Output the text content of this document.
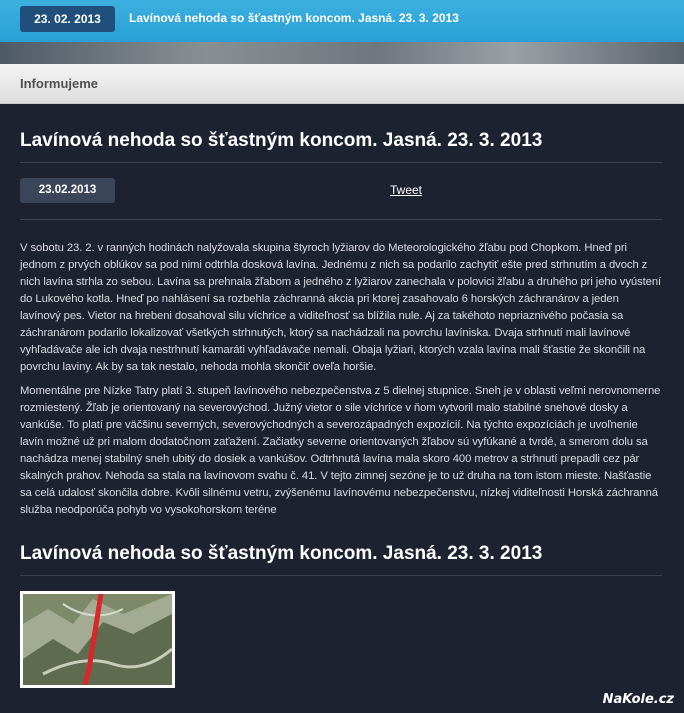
23. 02. 2013	Lavínová nehoda so šťastným koncom. Jasná. 23. 3. 2013
Informujeme
Lavínová nehoda so šťastným koncom. Jasná. 23. 3. 2013
23.02.2013	Tweet

V sobotu 23. 2. v ranných hodinách nalyžovala skupina štyroch lyžiarov do Meteorologického žľabu pod Chopkom. Hneď pri jednom z prvých oblúkov sa pod nimi odtrhla dosková lavína. Jednému z nich sa podarilo zachytiť ešte pred strhnutím a dvoch z nich lavína strhla zo sebou. Lavína sa prehnala žľabom a jedného z lyžiarov zanechala v polovici žľabu a druhého pri jeho vyústení do Lukového kotla. Hneď po nahlásení sa rozbehla záchranná akcia pri ktorej zasahovalo 6 horských záchranárov a jeden lavínový pes. Vietor na hrebeni dosahoval silu víchrice a viditeľnosť sa blížila nule. Aj za takéhoto nepriaznivého počasia sa záchranárom podarilo lokalizovať všetkých strhnutých, ktorý sa nachádzali na povrchu lavíniska. Dvaja strhnutí mali lavínové vyhľadávače ale ich dvaja nestrhnutí kamaráti vyhľadávače nemali. Obaja lyžiari, ktorých vzala lavína mali šťastie že skončili na povrchu laviny. Ak by sa tak nestalo, nehoda mohla skončiť oveľa horšie.

Momentálne pre Nízke Tatry platí 3. stupeň lavínového nebezpečenstva z 5 dielnej stupnice. Sneh je v oblasti veľmi nerovnomerne rozmiestený. Žľab je orientovaný na severovýchod. Južný vietor o sile víchrice v ňom vytvoril malo stabilné snehové dosky a vankúše. To platí pre väčšinu severných, severovýchodných a severozápadných expozícií. Na týchto expozíciách je uvoľnenie lavín možné už pri malom dodatočnom zaťažení. Začiatky severne orientovaných žľabov sú vyfúkané a tvrdé, a smerom dolu sa nachádza menej stabilný sneh ubitý do dosiek a vankúšov. Odtrhnutá lavína mala skoro 400 metrov a strhnutí prepadli cez pár skalných prahov. Nehoda sa stala na lavínovom svahu č. 41. V tejto zimnej sezóne je to už druha na tom istom mieste. Našťastie sa celá udalosť skončila dobre. Kvôli silnému vetru, zvýšenému lavínovému nebezpečenstvu, nízkej viditeľnosti Horská záchranná služba neodporúča pohyb vo vysokohorskom teréne

Lavínová nehoda so šťastným koncom. Jasná. 23. 3. 2013
NaKole.cz
